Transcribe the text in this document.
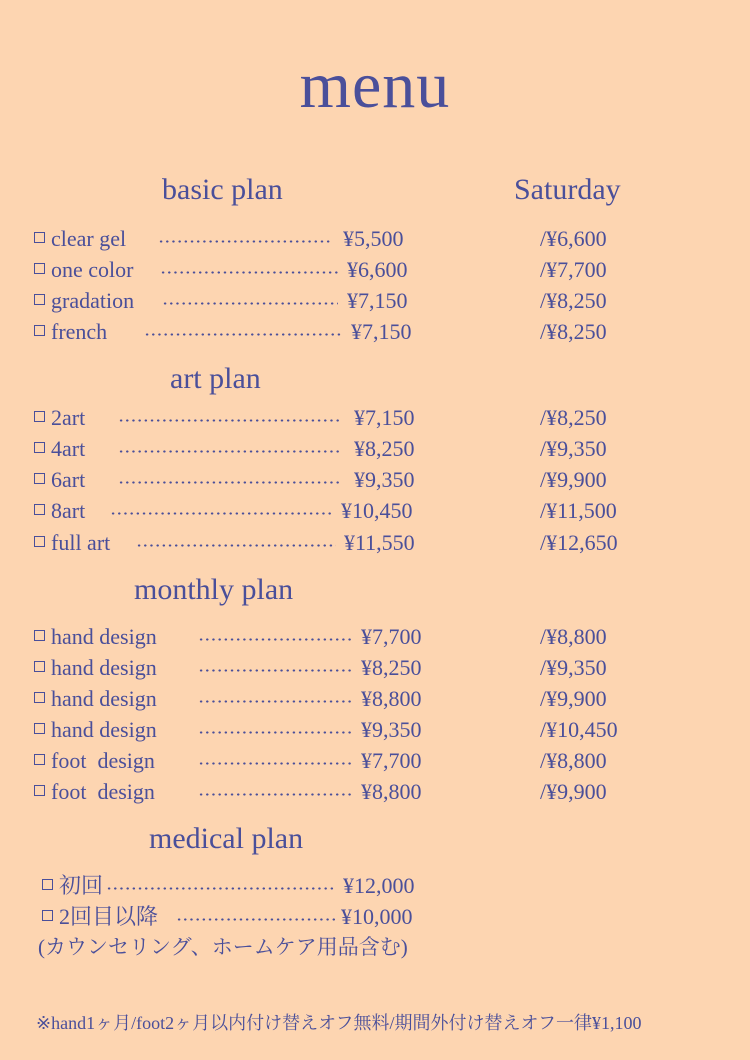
menu
basic plan	Saturday
clear gel	¥5,500	/¥6,600
one color	¥6,600	/¥7,700
gradation	¥7,150	/¥8,250
french	¥7,150	/¥8,250
art plan
2art	¥7,150	/¥8,250
4art	¥8,250	/¥9,350
6art	¥9,350	/¥9,900
8art	¥10,450	/¥11,500
full art	¥11,550	/¥12,650
monthly plan
hand design	¥7,700	/¥8,800
hand design	¥8,250	/¥9,350
hand design	¥8,800	/¥9,900
hand design	¥9,350	/¥10,450
foot  design	¥7,700	/¥8,800
foot  design	¥8,800	/¥9,900
medical plan
初回	¥12,000
2回目以降	¥10,000
(カウンセリング、ホームケア用品含む)
※hand1ヶ月/foot2ヶ月以内付け替えオフ無料/期間外付け替えオフ一律¥1,100
